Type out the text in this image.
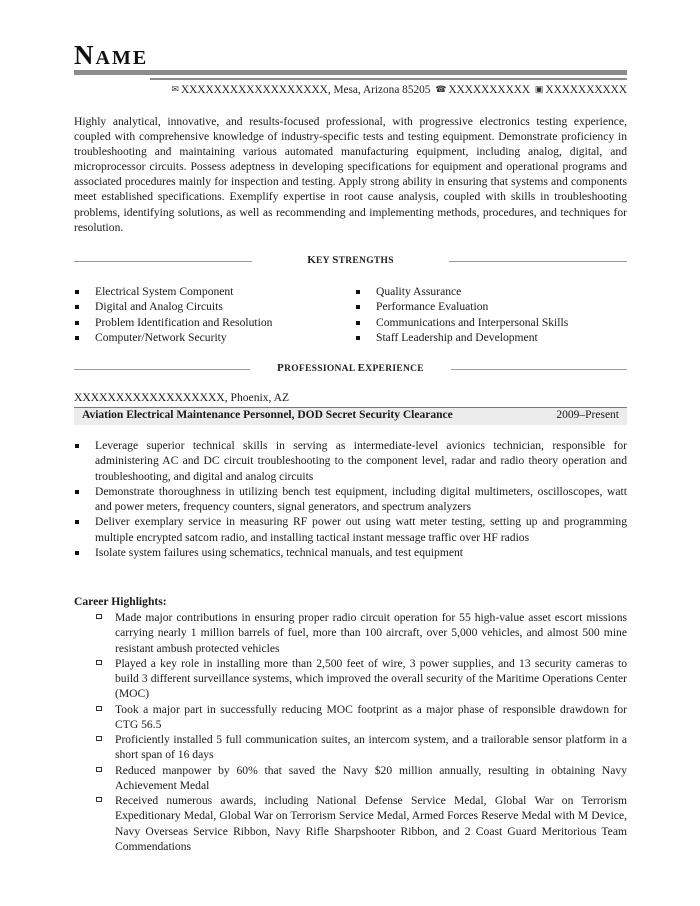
NAME
✉ XXXXXXXXXXXXXXXXXX, Mesa, Arizona 85205 ☎ XXXXXXXXXX ▣ XXXXXXXXXX

Highly analytical, innovative, and results-focused professional, with progressive electronics testing experience, coupled with comprehensive knowledge of industry-specific tests and testing equipment. Demonstrate proficiency in troubleshooting and maintaining various automated manufacturing equipment, including analog, digital, and microprocessor circuits. Possess adeptness in developing specifications for equipment and operational programs and associated procedures mainly for inspection and testing. Apply strong ability in ensuring that systems and components meet established specifications. Exemplify expertise in root cause analysis, coupled with skills in troubleshooting problems, identifying solutions, as well as recommending and implementing methods, procedures, and techniques for resolution.

KEY STRENGTHS
Electrical System Component
Digital and Analog Circuits
Problem Identification and Resolution
Computer/Network Security
Quality Assurance
Performance Evaluation
Communications and Interpersonal Skills
Staff Leadership and Development
PROFESSIONAL EXPERIENCE
XXXXXXXXXXXXXXXXXX, Phoenix, AZ
Aviation Electrical Maintenance Personnel, DOD Secret Security Clearance	2009–Present
Leverage superior technical skills in serving as intermediate-level avionics technician, responsible for administering AC and DC circuit troubleshooting to the component level, radar and radio theory operation and troubleshooting, and digital and analog circuits
Demonstrate thoroughness in utilizing bench test equipment, including digital multimeters, oscilloscopes, watt and power meters, frequency counters, signal generators, and spectrum analyzers
Deliver exemplary service in measuring RF power out using watt meter testing, setting up and programming multiple encrypted satcom radio, and installing tactical instant message traffic over HF radios
Isolate system failures using schematics, technical manuals, and test equipment
Career Highlights:
Made major contributions in ensuring proper radio circuit operation for 55 high-value asset escort missions carrying nearly 1 million barrels of fuel, more than 100 aircraft, over 5,000 vehicles, and almost 500 mine resistant ambush protected vehicles
Played a key role in installing more than 2,500 feet of wire, 3 power supplies, and 13 security cameras to build 3 different surveillance systems, which improved the overall security of the Maritime Operations Center (MOC)
Took a major part in successfully reducing MOC footprint as a major phase of responsible drawdown for CTG 56.5
Proficiently installed 5 full communication suites, an intercom system, and a trailorable sensor platform in a short span of 16 days
Reduced manpower by 60% that saved the Navy $20 million annually, resulting in obtaining Navy Achievement Medal
Received numerous awards, including National Defense Service Medal, Global War on Terrorism Expeditionary Medal, Global War on Terrorism Service Medal, Armed Forces Reserve Medal with M Device, Navy Overseas Service Ribbon, Navy Rifle Sharpshooter Ribbon, and 2 Coast Guard Meritorious Team Commendations
